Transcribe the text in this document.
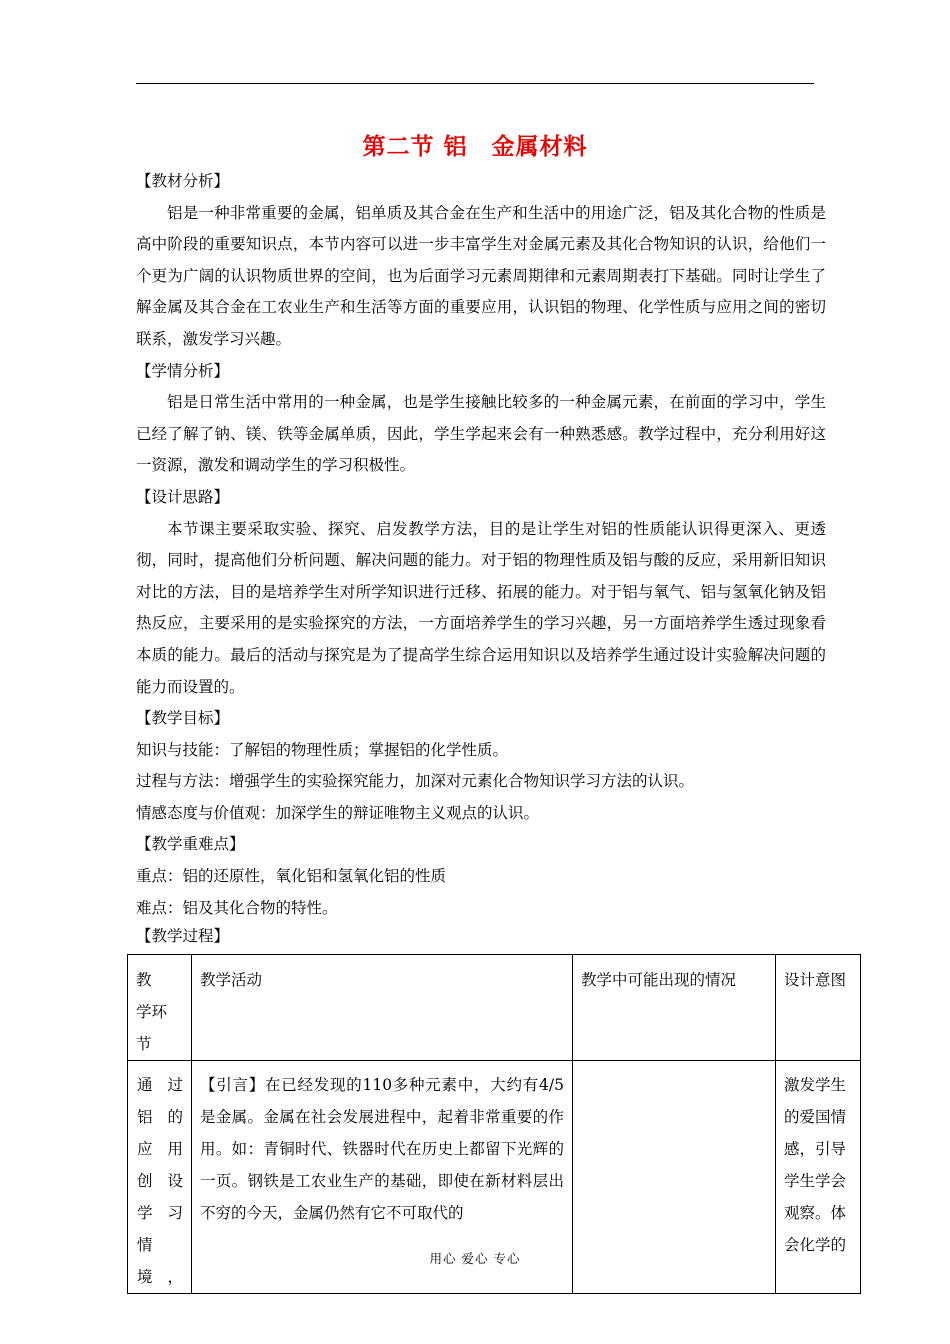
第二节 铝　金属材料

【教材分析】

铝是一种非常重要的金属，铝单质及其合金在生产和生活中的用途广泛，铝及其化合物的性质是高中阶段的重要知识点，本节内容可以进一步丰富学生对金属元素及其化合物知识的认识，给他们一个更为广阔的认识物质世界的空间，也为后面学习元素周期律和元素周期表打下基础。同时让学生了解金属及其合金在工农业生产和生活等方面的重要应用，认识铝的物理、化学性质与应用之间的密切联系，激发学习兴趣。

【学情分析】

铝是日常生活中常用的一种金属，也是学生接触比较多的一种金属元素，在前面的学习中，学生已经了解了钠、镁、铁等金属单质，因此，学生学起来会有一种熟悉感。教学过程中，充分利用好这一资源，激发和调动学生的学习积极性。

【设计思路】

本节课主要采取实验、探究、启发教学方法，目的是让学生对铝的性质能认识得更深入、更透彻，同时，提高他们分析问题、解决问题的能力。对于铝的物理性质及铝与酸的反应，采用新旧知识对比的方法，目的是培养学生对所学知识进行迁移、拓展的能力。对于铝与氧气、铝与氢氧化钠及铝热反应，主要采用的是实验探究的方法，一方面培养学生的学习兴趣，另一方面培养学生透过现象看本质的能力。最后的活动与探究是为了提高学生综合运用知识以及培养学生通过设计实验解决问题的能力而设置的。

【教学目标】

知识与技能：了解铝的物理性质；掌握铝的化学性质。

过程与方法：增强学生的实验探究能力，加深对元素化合物知识学习方法的认识。

情感态度与价值观：加深学生的辩证唯物主义观点的认识。

【教学重难点】

重点：铝的还原性，氧化铝和氢氧化铝的性质

难点：铝及其化合物的特性。

【教学过程】

教　学环节	教学活动	教学中可能出现的情况	设计意图

通过铝的应用创设学习情境，	【引言】在已经发现的110多种元素中，大约有4/5是金属。金属在社会发展进程中，起着非常重要的作用。如：青铜时代、铁器时代在历史上都留下光辉的一页。钢铁是工农业生产的基础，即使在新材料层出不穷的今天，金属仍然有它不可取代的		激发学生的爱国情感，引导学生学会观察。体会化学的
用心 爱心 专心
